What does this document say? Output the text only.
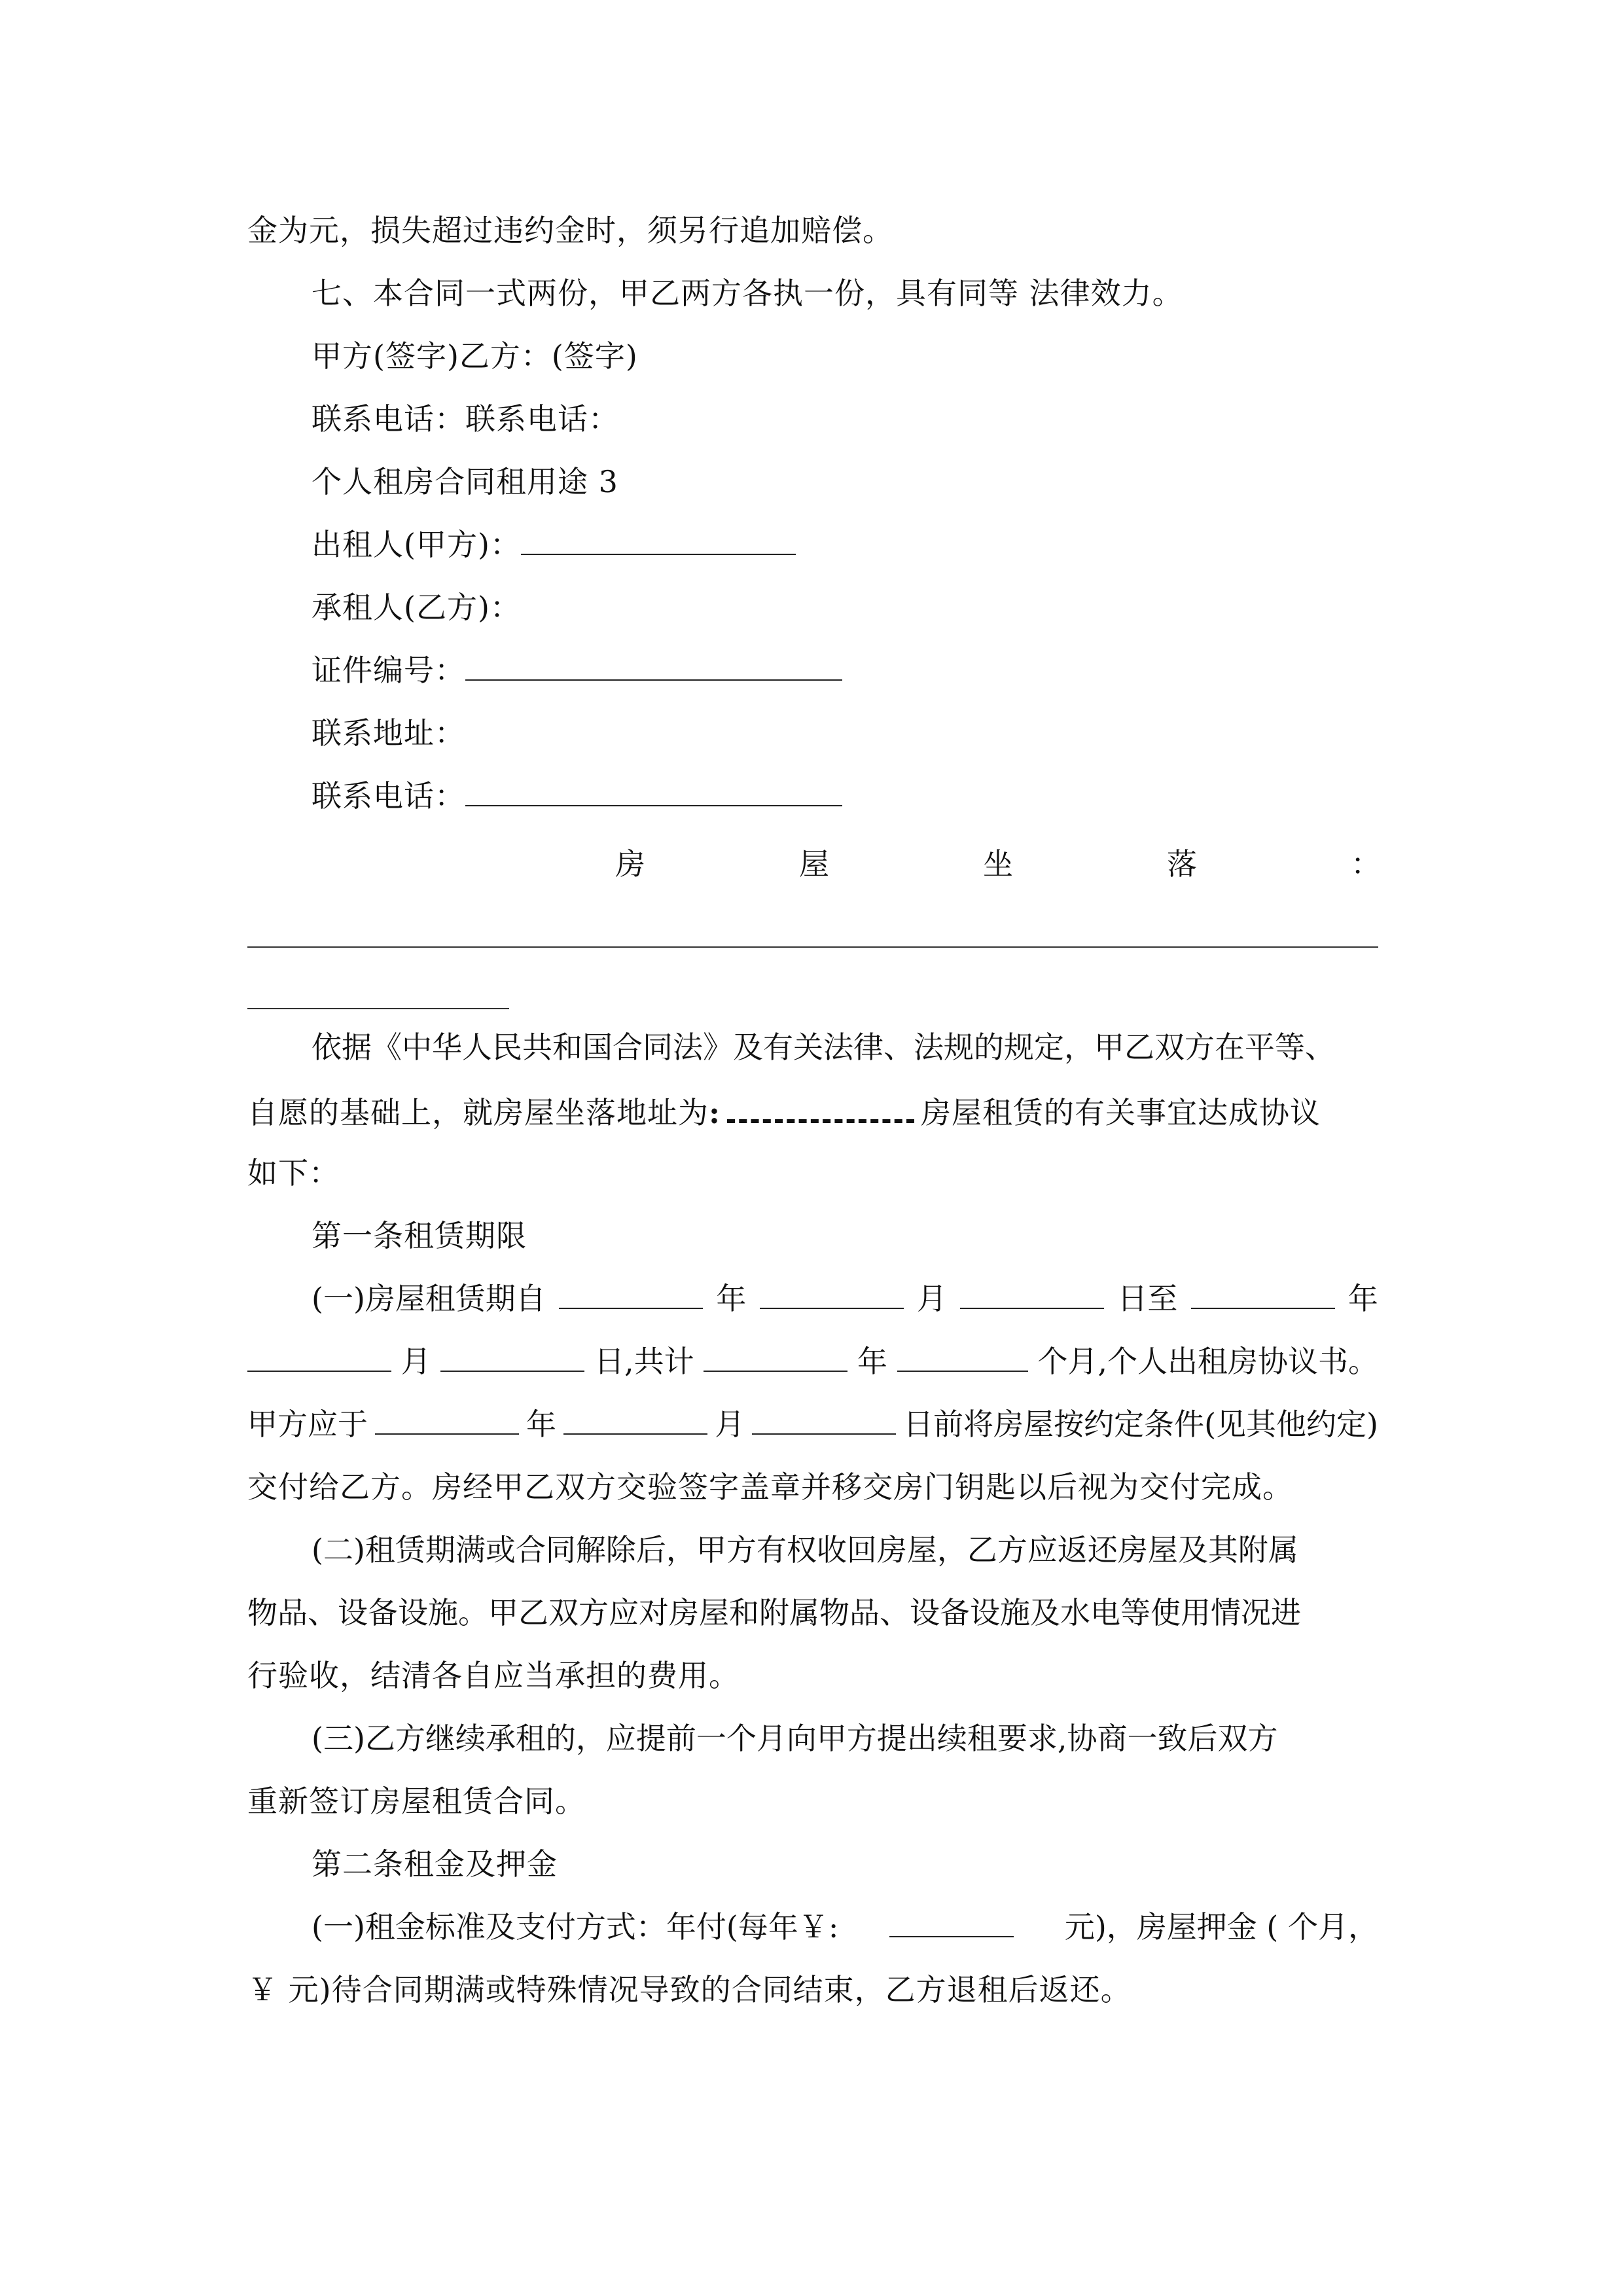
金为元，损失超过违约金时，须另行追加赔偿。
七、本合同一式两份，甲乙两方各执一份，具有同等 法律效力。
甲方(签字)乙方：(签字)
联系电话：联系电话：
个人租房合同租用途 3
出租人(甲方)：
承租人(乙方)：
证件编号：
联系地址：
联系电话：
房	屋	坐	落	：
依据《中华人民共和国合同法》及有关法律、法规的规定，甲乙双方在平等、
自愿的基础上，就房屋坐落地址为:	房屋租赁的有关事宜达成协议
如下：
第一条租赁期限
(一)房屋租赁期自	年	月	日至	年
月	日,共计	年	个月,个人出租房协议书。
甲方应于	年	月	日前将房屋按约定条件(见其他约定)
交付给乙方。房经甲乙双方交验签字盖章并移交房门钥匙以后视为交付完成。
(二)租赁期满或合同解除后，甲方有权收回房屋，乙方应返还房屋及其附属
物品、设备设施。甲乙双方应对房屋和附属物品、设备设施及水电等使用情况进
行验收，结清各自应当承担的费用。
(三)乙方继续承租的，应提前一个月向甲方提出续租要求,协商一致后双方
重新签订房屋租赁合同。
第二条租金及押金
(一)租金标准及支付方式：年付(每年￥:	元)，房屋押金 ( 个月，
￥ 元)待合同期满或特殊情况导致的合同结束，乙方退租后返还。
